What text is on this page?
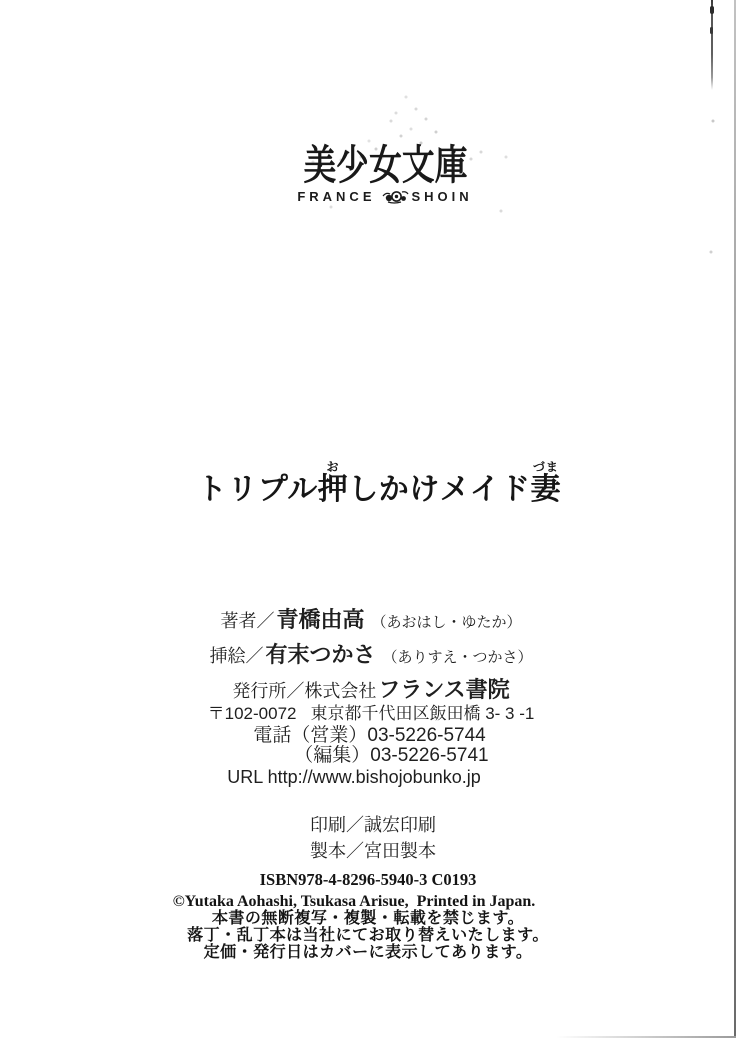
美少女文庫
FRANCE	SHOIN
トリプル押おしかけメイド妻づま
著者／青橋由高 （あおはし・ゆたか）
挿絵／有末つかさ （ありすえ・つかさ）
発行所／株式会社フランス書院
〒102-0072 東京都千代田区飯田橋 3- 3 -1
電話（営業）03-5226-5744
（編集）03-5226-5741
URL http://www.bishojobunko.jp
印刷／誠宏印刷
製本／宮田製本
ISBN978-4-8296-5940-3 C0193
©Yutaka Aohashi, Tsukasa Arisue, Printed in Japan.
本書の無断複写・複製・転載を禁じます。
落丁・乱丁本は当社にてお取り替えいたします。
定価・発行日はカバーに表示してあります。
